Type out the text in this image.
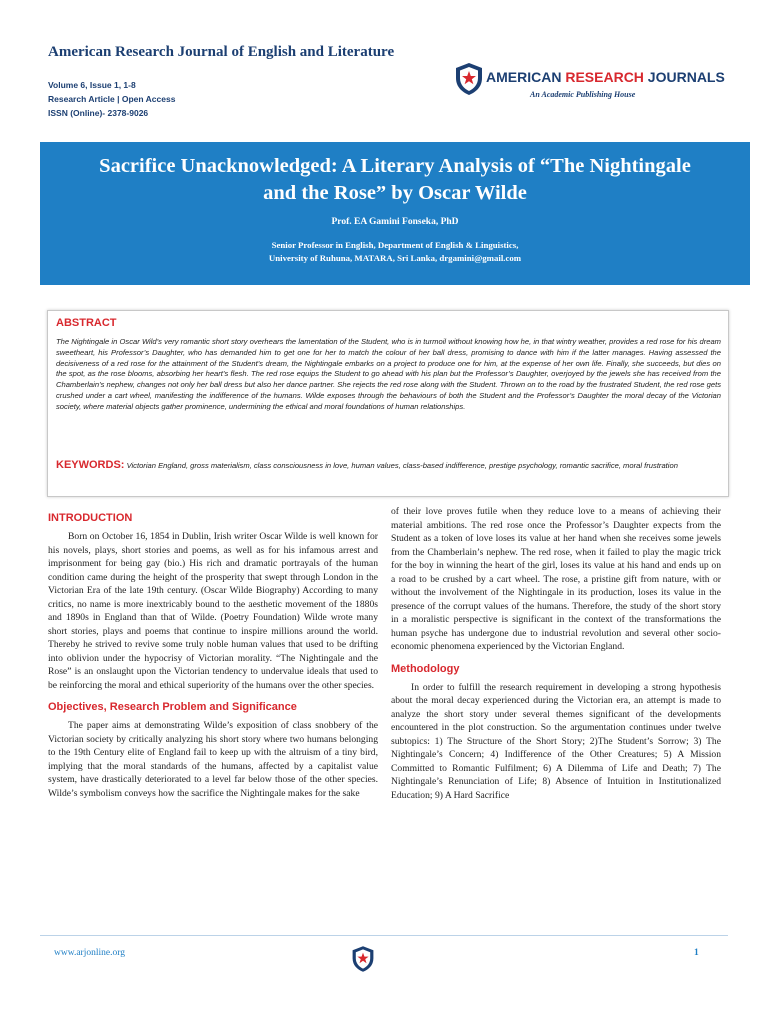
American Research Journal of English and Literature
Volume 6, Issue 1, 1-8
Research Article | Open Access
ISSN (Online)- 2378-9026
AMERICAN RESEARCH JOURNALS
An Academic Publishing House
Sacrifice Unacknowledged: A Literary Analysis of “The Nightingale
and the Rose” by Oscar Wilde
Prof. EA Gamini Fonseka, PhD
Senior Professor in English, Department of English & Linguistics,
University of Ruhuna, MATARA, Sri Lanka, drgamini@gmail.com
ABSTRACT
The Nightingale in Oscar Wild’s very romantic short story overhears the lamentation of the Student, who is in turmoil without knowing how he, in that wintry weather, provides a red rose for his dream sweetheart, his Professor’s Daughter, who has demanded him to get one for her to match the colour of her ball dress, promising to dance with him if the latter manages. Having assessed the decisiveness of a red rose for the attainment of the Student’s dream, the Nightingale embarks on a project to produce one for him, at the expense of her own life. Finally, she succeeds, but dies on the spot, as the rose blooms, absorbing her heart’s flesh. The red rose equips the Student to go ahead with his plan but the Professor’s Daughter, overjoyed by the jewels she has received from the Chamberlain’s nephew, changes not only her ball dress but also her dance partner. She rejects the red rose along with the Student. Thrown on to the road by the frustrated Student, the red rose gets crushed under a cart wheel, manifesting the indifference of the humans. Wilde exposes through the behaviours of both the Student and the Professor’s Daughter the moral decay of the Victorian society, where material objects gather prominence, undermining the ethical and moral foundations of human relationships.
KEYWORDS: Victorian England, gross materialism, class consciousness in love, human values, class-based indifference, prestige psychology, romantic sacrifice, moral frustration
INTRODUCTION

Born on October 16, 1854 in Dublin, Irish writer Oscar Wilde is well known for his novels, plays, short stories and poems, as well as for his infamous arrest and imprisonment for being gay (bio.) His rich and dramatic portrayals of the human condition came during the height of the prosperity that swept through London in the Victorian Era of the late 19th century. (Oscar Wilde Biography) According to many critics, no name is more inextricably bound to the aesthetic movement of the 1880s and 1890s in England than that of Wilde. (Poetry Foundation) Wilde wrote many short stories, plays and poems that continue to inspire millions around the world. Thereby he strived to revive some truly noble human values that used to be drifting into oblivion under the hypocrisy of Victorian morality. “The Nightingale and the Rose” is an onslaught upon the Victorian tendency to undervalue ideals that used to be reinforcing the moral and ethical superiority of the humans over the other species.

Objectives, Research Problem and Significance

The paper aims at demonstrating Wilde’s exposition of class snobbery of the Victorian society by critically analyzing his short story where two humans belonging to the 19th Century elite of England fail to keep up with the altruism of a tiny bird, implying that the moral standards of the humans, affected by a capitalist value system, have drastically deteriorated to a level far below those of the other species. Wilde’s symbolism conveys how the sacrifice the Nightingale makes for the sake

of their love proves futile when they reduce love to a means of achieving their material ambitions. The red rose once the Professor’s Daughter expects from the Student as a token of love loses its value at her hand when she receives some jewels from the Chamberlain’s nephew. The red rose, when it failed to play the magic trick for the boy in winning the heart of the girl, loses its value at his hand and ends up on a road to be crushed by a cart wheel. The rose, a pristine gift from nature, with or without the involvement of the Nightingale in its production, loses its value in the presence of the corrupt values of the humans. Therefore, the study of the short story in a moralistic perspective is significant in the context of the transformations the human psyche has undergone due to industrial revolution and several other socio-economic phenomena experienced by the Victorian England.

Methodology

In order to fulfill the research requirement in developing a strong hypothesis about the moral decay experienced during the Victorian era, an attempt is made to analyze the short story under several themes significant of the developments encountered in the plot construction. So the argumentation continues under twelve subtopics: 1) The Structure of the Short Story; 2)The Student’s Sorrow; 3) The Nightingale’s Concern; 4) Indifference of the Other Creatures; 5) A Mission Committed to Romantic Fulfilment; 6) A Dilemma of Life and Death; 7) The Nightingale’s Renunciation of Life; 8) Absence of Intuition in Institutionalized Education; 9) A Hard Sacrifice

www.arjonline.org	1
